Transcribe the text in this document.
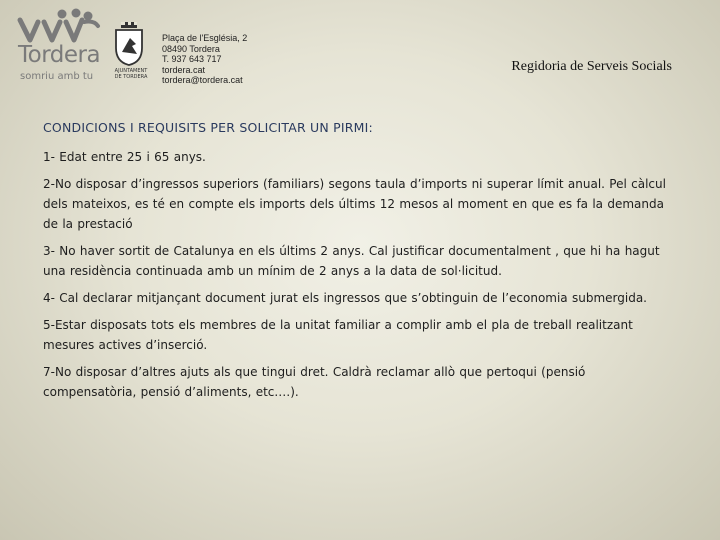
Tordera
somriu amb tu	AJUNTAMENT
DE TORDERA
Plaça de l'Església, 2
08490 Tordera
T. 937 643 717
tordera.cat
tordera@tordera.cat
Regidoria de Serveis Socials
CONDICIONS I REQUISITS PER SOLICITAR UN PIRMI:
1- Edat entre 25 i 65 anys.
2-No disposar d’ingressos superiors (familiars) segons taula d’imports ni superar límit anual. Pel càlcul dels mateixos, es té en compte els imports dels últims 12 mesos al moment en que es fa la demanda de la prestació
3- No haver sortit de Catalunya en els últims 2 anys. Cal justificar documentalment , que hi ha hagut una residència continuada amb un mínim de 2 anys a la data de sol·licitud.
4- Cal declarar mitjançant document jurat els ingressos que s’obtinguin de l’economia submergida.
5-Estar disposats tots els membres de la unitat familiar a complir amb el pla de treball realitzant mesures actives d’inserció.
7-No disposar d’altres ajuts als que tingui dret. Caldrà reclamar allò que pertoqui (pensió compensatòria, pensió d’aliments, etc.…).
